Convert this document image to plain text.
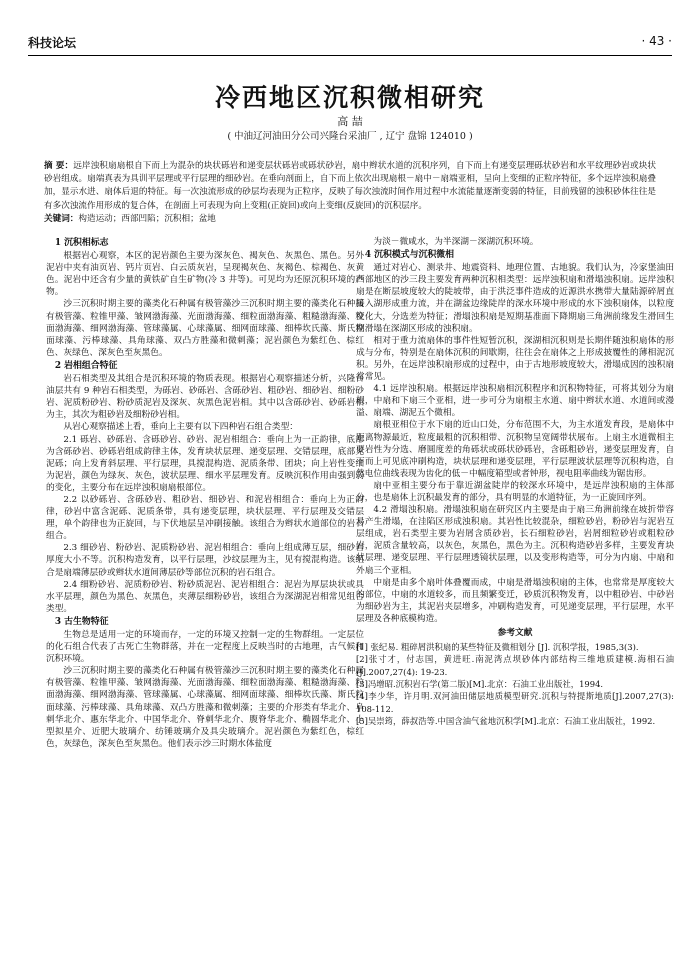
科技论坛	· 43 ·
冷西地区沉积微相研究
高 喆
( 中油辽河油田分公司兴隆台采油厂 , 辽宁 盘锦 124010 )
摘 要：远岸浊积扇扇根自下而上为混杂的块状砾岩和递变层状砾岩或砾状砂岩，扇中辫状水道的沉积序列，自下而上有递变层理砾状砂岩和水平纹理砂岩或块状砂岩组成。扇端真表为具训平层理或平行层理的细砂岩。在垂向剖面上，自下而上依次出现扇根－扇中－扇端亚相，呈向上变细的正粒序特征，多个远岸浊积扇叠加，显示水进、扇体后退的特征。每一次浊流形成的砂层均表现为正粒序，反映了每次浊流时间作用过程中水流能量逐渐变弱的特征，目前残留的浊积砂体往往是有多次浊流作用形成的复合体，在剖面上可表现为向上变粗(正旋回)或向上变细(反旋回)的沉积层序。
关键词：构造运动；西部凹陷；沉积相；盆地
1 沉积相标志

根据岩心观察，本区的泥岩颜色主要为深灰色、褐灰色、灰黑色、黑色。另外泥岩中夹有油页岩、钙片页岩、白云质灰岩，呈现褐灰色、灰褐色、棕褐色、灰黄色。泥岩中还含有少量的黄铁矿自生矿物(冷 3 井等)。可见均为还原沉积环境的产物。

沙三沉积时期主要的藻类化石种属有极管藻沙三沉积时期主要的藻类化石种属有极管藻、粒锥甲藻、皱网渤海藻、光面渤海藻、细粒面渤海藻、粗糙渤海藻、粒面渤海藻、细网渤海藻、管球藻属、心球藻属、细网面球藻、细棒坎氏藻、斯氏粒面球藻、污棒球藻、具角球藻、双凸方胜藻和微刺藻；泥岩颜色为紫红色、棕红色、灰绿色、深灰色至灰黑色。

2 岩相组合特征

岩石相类型及其组合是沉积环境的物质表现。根据岩心观察描述分析，兴隆台油层共有 9 种岩石相类型，为砾岩、砂砾岩、含砾砂岩、粗砂岩、细砂岩、细粉砂岩、泥质粉砂岩、粉砂质泥岩及深灰、灰黑色泥岩相。其中以含砾砂岩、砂砾岩相为主，其次为粗砂岩及细粉砂岩相。

从岩心观察描述上看，垂向上主要有以下四种岩石组合类型：

2.1 砾岩、砂砾岩、含砾砂岩、砂岩、泥岩相组合：垂向上为一正韵律，底部为含砾砂岩、砂砾岩组成韵律主体，发育块状层理、递变层理、交错层理，底部见泥砾；向上发育斜层理、平行层理，具搅混构造、泥质条带、团块；向上岩性变细为泥岩，颜色为绿灰、灰色，波状层理、细水平层理发育。反映沉积作用由强到弱的变化，主要分布在远岸浊积扇扇根部位。

2.2 以砂砾岩、含砾砂岩、粗砂岩、细砂岩、和泥岩相组合：垂向上为正韵律，砂岩中富含泥砾、泥质条带，具有递变层理，块状层理、平行层理及交错层理，单个韵律也为正旋回，与下伏地层呈冲刷接触。该组合为辫状水道部位的岩石组合。

2.3 细砂岩、粉砂岩、泥质粉砂岩、泥岩相组合：垂向上组成薄互层，细砂岩厚度大小不等。沉积构造发育，以平行层理，沙纹层理为主，见有搅混构造。该组合是扇端薄层砂或辫状水道间薄层砂等部位沉积的岩石组合。

2.4 细粉砂岩、泥质粉砂岩、粉砂质泥岩、泥岩相组合：泥岩为厚层块状或具水平层理，颜色为黑色、灰黑色，夹薄层细粉砂岩，该组合为深湖泥岩相常见组合类型。

3 古生物特征

生物总是适用一定的环境而存，一定的环境又控制一定的生物群组。一定层位的化石组合代表了古死亡生物群落，并在一定程度上反映当时的古地理，古气候和沉积环境。

沙三沉积时期主要的藻类化石种属有极管藻沙三沉积时期主要的藻类化石种属有极管藻、粒锥甲藻、皱网渤海藻、光面渤海藻、细粒面渤海藻、粗糙渤海藻、粒面渤海藻、细网渤海藻、管球藻属、心球藻属、细网面球藻、细棒坎氏藻、斯氏粒面球藻、污棒球藻、具角球藻、双凸方胜藻和微刺藻；主要的介形类有华北介、阜刺华北介、惠东华北介、中国华北介、脊刺华北介、腹脊华北介、椭圆华北介、小型拟星介、近肥大玻璃介、纺锤玻璃介及具尖玻璃介。泥岩颜色为紫红色，棕红色，灰绿色，深灰色至灰黑色。他们表示沙三时期水体盐度

为淡－微咸水，为半深湖－深湖沉积环境。

4 沉积模式与沉积微相

通过对岩心、测录井、地震资料、地理位置、古地貌。我们认为，冷家堡油田西部地区的沙三段主要发育两种沉积相类型：远岸浊积扇和滑塌浊积扇。远岸浊积扇是在断层坡度较大的陡坡带，由于洪泛事件造成的近源洪水携带大量陆源碎屑直接入湖形成重力流，并在湖盆边缘陡岸的深水环境中形成的水下浊积扇体，以粒度变化大，分选差为特征；滑塌浊积扇是短期基准面下降期扇三角洲前缘发生滑回生期滑塌在深湖区形成的浊积扇。

相对于重力流扇体的事件性短暂沉积，深湖相沉积则是长期伴随浊积扇体的形成与分布，特别是在扇体沉积的间歇期，往往会在扇体之上形成披覆性的薄相泥沉积。另外，在远岸浊积扇形成的过程中，由于古地形坡度较大，滑塌成因的浊积扇常常见。

4.1 远岸浊积扇。根据远岸浊积扇相沉积程序和沉积物特征，可将其划分为扇根，中扇和下扇三个亚相，进一步可分为扇根主水道、扇中辫状水道、水道间或漫溢、扇端、湖泥五个微相。

扇根亚相位于水下扇的近山口处，分布范围不大，为主水道发育段，是扇体中距离物源最近，粒度最粗的沉积相带、沉积物呈宽阔带状展布。上扇主水道微相主要岩性为分选、磨圆度差的角砾状或砾状砂砾岩，含砾粗砂岩，递变层理发育，自下而上可见底冲刷构造，块状层理和递变层理，平行层理波状层理等沉积构造，自然电位曲线表现为齿化的低－中幅度箱型或者钟形，视电阻率曲线为锯齿形。

扇中亚相主要分布于靠近湖盆陡岸的较深水环境中，是远岸浊积扇的主体部分，也是扇体上沉积最发育的部分，具有明显的水道特征，为一正旋回序列。

4.2 滑塌浊积扇。滑塌浊积扇在研究区内主要是由于扇三角洲前缘在坡折带容易产生滑塌，在洼陷区形成浊积扇。其岩性比较混杂，细粒砂岩，粉砂岩与泥岩互层组成，岩石类型主要为岩屑含质砂岩，长石细粒砂岩，岩屑细粒砂岩或粗粒砂岩，泥质含量较高，以灰色，灰黑色，黑色为主。沉积构造砂岩多样，主要发育块状层理、递变层理、平行层理透镜状层理，以及变形构造等，可分为内扇、中扇和外扇三个亚相。

中扇是由多个扇叶体叠覆而成，中扇是滑塌浊积扇的主体，也常常是厚度较大的部位，中扇的水道较多，而且频繁变迁，砂质沉积物发育，以中粗砂岩、中砂岩为细砂岩为主，其泥岩夹层增多，冲刷构造发育，可见递变层理，平行层理，水平层理及各种底模构造。

参考文献
[1] 张纪易. 粗碎屑洪积扇的某些特征及微相划分 [J]. 沉积学报，1985,3(3).
[2]张寸才，付志国，黄进旺.南泥湾点坝砂体内部结构三维地质建模.海相石油[J].2007,27(4): 19-23.
[3]冯增昭.沉积岩石学(第二版)[M].北京：石油工业出版社，1994.
[4]李少华，许月明.双河油田储层地质模型研究.沉积与特提斯地质[J].2007,27(3): 108-112.
[5]吴崇筠，薛叔浩等.中国含油气盆地沉积学[M].北京：石油工业出版社，1992.
